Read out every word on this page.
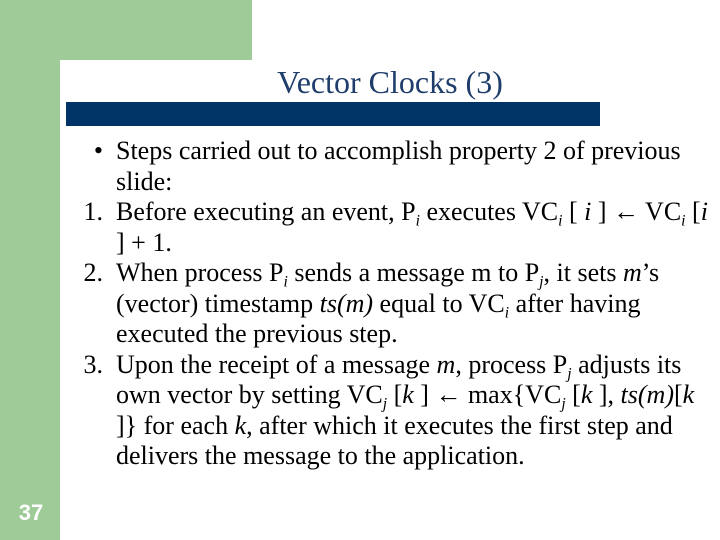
Vector Clocks (3)
37
• Steps carried out to accomplish property 2 of previous slide:
1. Before executing an event, $P_i$ executes $VC_i$ [ i ] ← $VC_i$ [i ] + 1.
2. When process $P_i$ sends a message m to $P_j$, it sets m’s (vector) timestamp ts(m) equal to $VC_i$ after having executed the previous step.
3. Upon the receipt of a message m, process $P_j$ adjusts its own vector by setting $VC_j$ [k ] ← $\max\{VC_j$ [k ], ts(m)[k ]} for each k, after which it executes the first step and delivers the message to the application.
